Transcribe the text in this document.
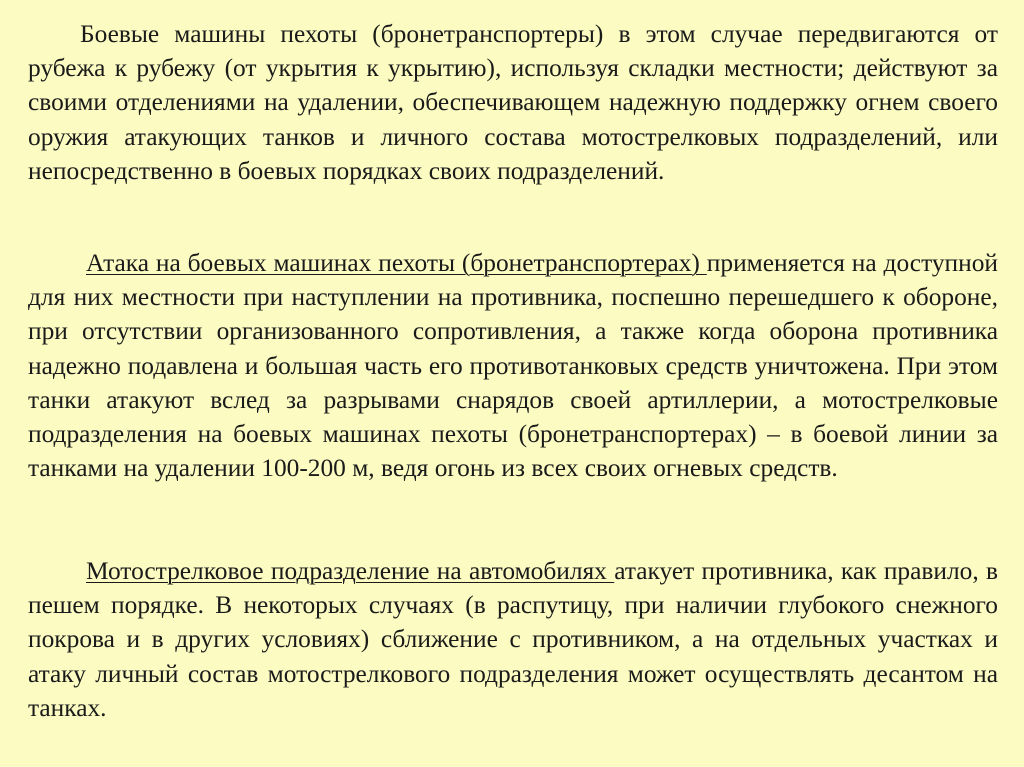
Боевые машины пехоты (бронетранспортеры) в этом случае передвигаются от рубежа к рубежу (от укрытия к укрытию), используя складки местности; действуют за своими отделениями на удалении, обеспечивающем надежную поддержку огнем своего оружия атакующих танков и личного состава мотострелковых подразделений, или непосредственно в боевых порядках своих подразделений.

Атака на боевых машинах пехоты (бронетранспортерах) применяется на доступной для них местности при наступлении на противника, поспешно перешедшего к обороне, при отсутствии организованного сопротивления, а также когда оборона противника надежно подавлена и большая часть его противотанковых средств уничтожена. При этом танки атакуют вслед за разрывами снарядов своей артиллерии, а мотострелковые подразделения на боевых машинах пехоты (бронетранспортерах) – в боевой линии за танками на удалении 100-200 м, ведя огонь из всех своих огневых средств.

Мотострелковое подразделение на автомобилях атакует противника, как правило, в пешем порядке. В некоторых случаях (в распутицу, при наличии глубокого снежного покрова и в других условиях) сближение с противником, а на отдельных участках и атаку личный состав мотострелкового подразделения может осуществлять десантом на танках.
